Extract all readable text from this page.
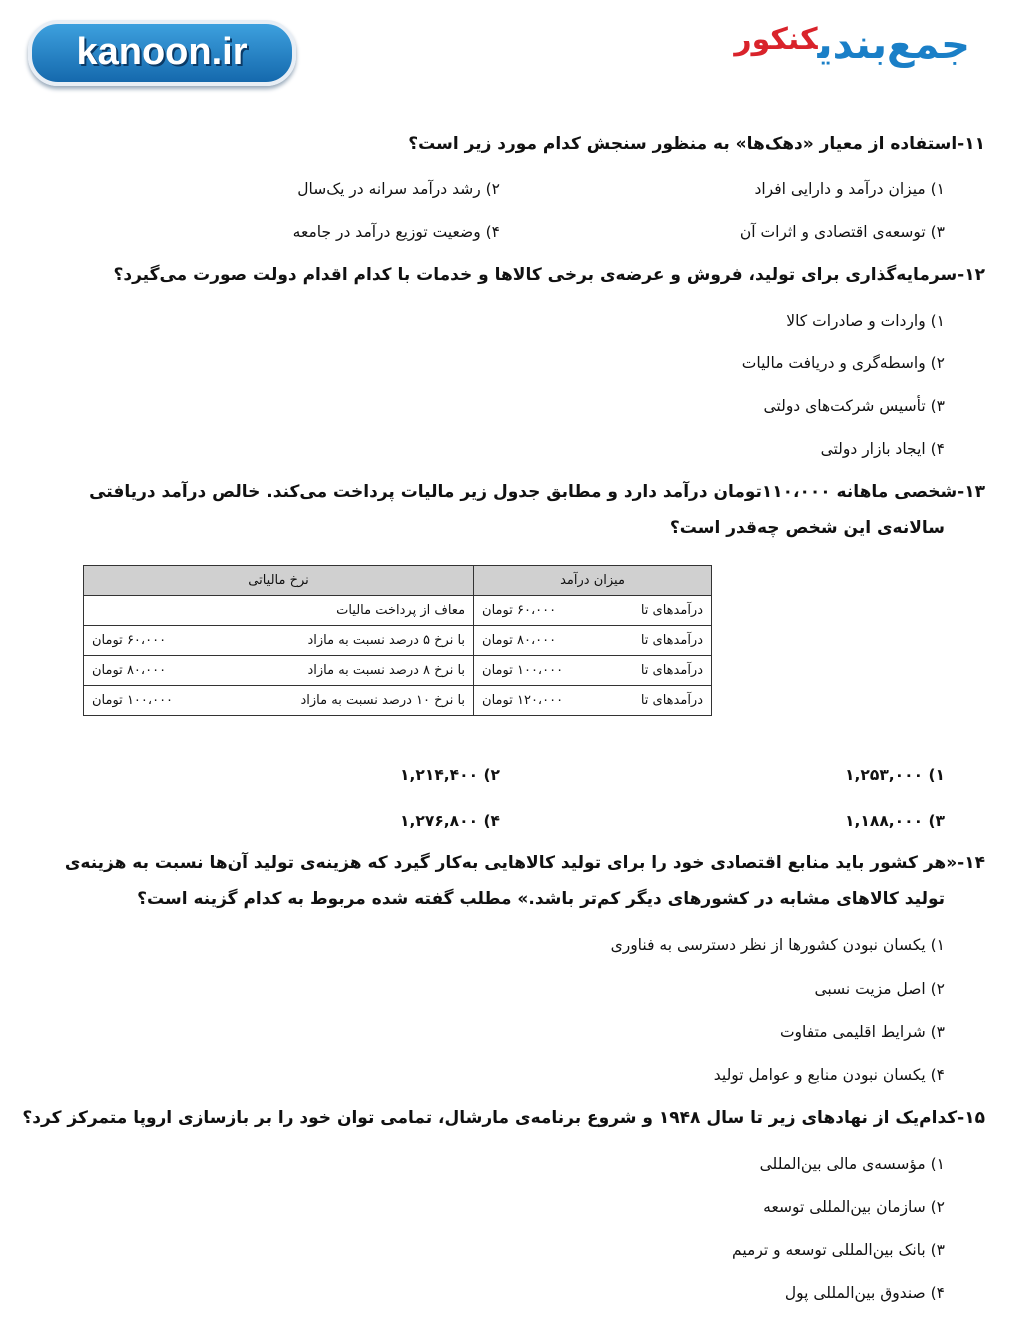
kanoon.ir	جمع‌بندی$^{کنکور}$
۱۱-استفاده از معیار «دهک‌ها» به منظور سنجش کدام مورد زیر است؟
۱) میزان درآمد و دارایی افراد
۲) رشد درآمد سرانه در یک‌سال
۳) توسعه‌ی اقتصادی و اثرات آن
۴) وضعیت توزیع درآمد در جامعه
۱۲-سرمایه‌گذاری برای تولید، فروش و عرضه‌ی برخی کالاها و خدمات با کدام اقدام دولت صورت می‌گیرد؟
۱) واردات و صادرات کالا
۲) واسطه‌گری و دریافت مالیات
۳) تأسیس شرکت‌های دولتی
۴) ایجاد بازار دولتی
۱۳-شخصی ماهانه ۱۱۰،۰۰۰تومان درآمد دارد و مطابق جدول زیر مالیات پرداخت می‌کند. خالص درآمد دریافتی
سالانه‌ی این شخص چه‌قدر است؟
میزان درآمد	نرخ مالیاتی

درآمدهای تا
۶۰،۰۰۰ تومان	معاف از پرداخت مالیات

درآمدهای تا
۸۰،۰۰۰ تومان	با نرخ ۵ درصد نسبت به مازاد
۶۰،۰۰۰ تومان

درآمدهای تا
۱۰۰،۰۰۰ تومان	با نرخ ۸ درصد نسبت به مازاد
۸۰،۰۰۰ تومان

درآمدهای تا
۱۲۰،۰۰۰ تومان	با نرخ ۱۰ درصد نسبت به مازاد
۱۰۰،۰۰۰ تومان
۱) ۱,۲۵۳,۰۰۰
۲) ۱,۲۱۴,۴۰۰
۳) ۱,۱۸۸,۰۰۰
۴) ۱,۲۷۶,۸۰۰
۱۴-«هر کشور باید منابع اقتصادی خود را برای تولید کالاهایی به‌کار گیرد که هزینه‌ی تولید آن‌ها نسبت به هزینه‌ی
تولید کالاهای مشابه در کشورهای دیگر کم‌تر باشد.» مطلب گفته شده مربوط به کدام گزینه است؟
۱) یکسان نبودن کشورها از نظر دسترسی به فناوری
۲) اصل مزیت نسبی
۳) شرایط اقلیمی متفاوت
۴) یکسان نبودن منابع و عوامل تولید
۱۵-کدام‌یک از نهادهای زیر تا سال ۱۹۴۸ و شروع برنامه‌ی مارشال، تمامی توان خود را بر بازسازی اروپا متمرکز کرد؟
۱) مؤسسه‌ی مالی بین‌المللی
۲) سازمان بین‌المللی توسعه
۳) بانک بین‌المللی توسعه و ترمیم
۴) صندوق بین‌المللی پول
